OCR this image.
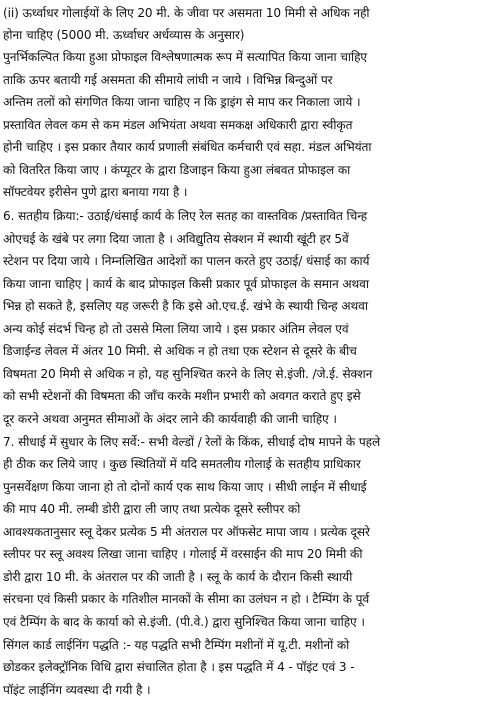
(ii) ऊर्ध्वाधर गोलाईयों के लिए 20 मी. के जीवा पर असमता 10 मिमी से अधिक नही
होना चाहिए (5000 मी. ऊर्ध्वाधर अर्धव्यास के अनुसार)
पुनर्भिकल्पित किया हुआ प्रोफाइल विश्लेषणात्मक रूप में सत्यापित किया जाना चाहिए
ताकि ऊपर बतायी गई असमता की सीमाये लांघी न जाये । विभिन्न बिन्दुओं पर
अन्तिम तलों को संगणित किया जाना चाहिए न कि ड्राइंग से माप कर निकाला जाये ।
प्रस्तावित लेवल कम से कम मंडल अभियंता अथवा समकक्ष अधिकारी द्वारा स्वीकृत
होनी चाहिए । इस प्रकार तैयार कार्य प्रणाली संबंधित कर्मचारी एवं सहा. मंडल अभियंता
को वितरित किया जाए । कंप्यूटर के द्वारा डिजाइन किया हुआ लंबवत प्रोफाइल का
सॉफ्टवेयर इरीसेन पुणे द्वारा बनाया गया है ।
6. सतहीय क्रिया:- उठाई/धंसाई कार्य के लिए रेल सतह का वास्तविक /प्रस्तावित चिन्ह
ओएचई के खंबे पर लगा दिया जाता है । अविद्युतिय सेक्शन में स्थायी खूंटी हर 5वें
स्टेशन पर दिया जाये । निम्नलिखित आदेशों का पालन करते हुए उठाई/ धंसाई का कार्य
किया जाना चाहिए | कार्य के बाद प्रोफाइल किसी प्रकार पूर्व प्रोफाइल के समान अथवा
भिन्न हो सकते है, इसलिए यह जरूरी है कि इसे ओ.एच.ई. खंभे के स्थायी चिन्ह अथवा
अन्य कोई संदर्भ चिन्ह हो तो उससे मिला लिया जाये । इस प्रकार अंतिम लेवल एवं
डिजाईन्ड लेवल में अंतर 10 मिमी. से अधिक न हो तथा एक स्टेशन से दूसरे के बीच
विषमता 20 मिमी से अधिक न हो, यह सुनिश्चित करने के लिए से.इंजी. /जे.ई. सेक्शन
को सभी स्टेशनों की विषमता की जाँच करके मशीन प्रभारी को अवगत कराते हुए इसे
दूर करने अथवा अनुमत सीमाओं के अंदर लाने की कार्यवाही की जानी चाहिए ।
7. सीधाई में सुधार के लिए सर्वे:- सभी वेल्डों / रेलों के किंक, सीधाई दोष मापने के पहले
ही ठीक कर लिये जाए । कुछ स्थितियों में यदि समतलीय गोलाई के सतहीय प्राधिकार
पुनसर्वेक्षण किया जाना हो तो दोनों कार्य एक साथ किया जाए । सीधी लाईन में सीधाई
की माप 40 मी. लम्बी डोरी द्वारा ली जाए तथा प्रत्येक दूसरे स्लीपर को
आवश्यकतानुसार स्लू देकर प्रत्येक 5 मी अंतराल पर ऑफसेट मापा जाय । प्रत्येक दूसरे
स्लीपर पर स्लू अवश्य लिखा जाना चाहिए । गोलाई में वरसाईन की माप 20 मिमी की
डोरी द्वारा 10 मी. के अंतराल पर की जाती है । स्लू के कार्य के दौरान किसी स्थायी
संरचना एवं किसी प्रकार के गतिशील मानकों के सीमा का उलंघन न हो । टैम्पिंग के पूर्व
एवं टैम्पिंग के बाद के कार्या को से.इंजी. (पी.वे.) द्वारा सुनिश्चित किया जाना चाहिए ।
सिंगल कार्ड लाईनिंग पद्धति :- यह पद्धति सभी टैम्पिंग मशीनों में यू.टी. मशीनों को
छोडकर इलेक्ट्रॉनिक विधि द्वारा संचालित होता है । इस पद्धति में 4 - पॉइंट एवं 3 -
पॉइंट लाईनिंग व्यवस्था दी गयी है ।
